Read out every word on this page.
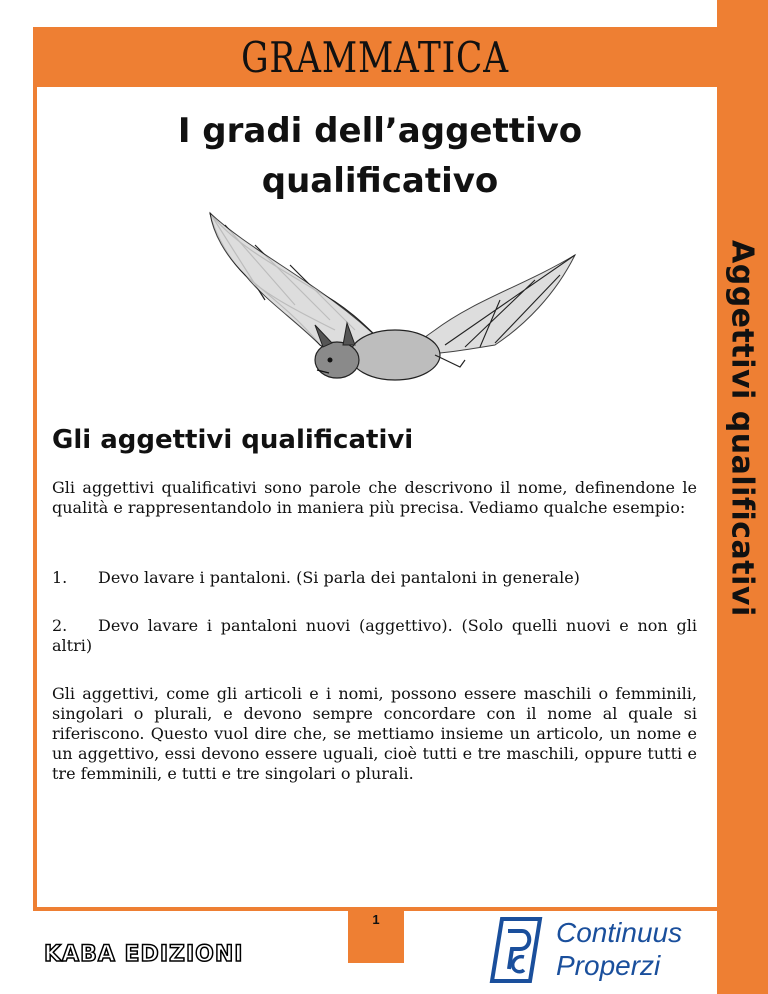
GRAMMATICA
1
I gradi dell’aggettivo qualificativo
Gli aggettivi qualificativi

Gli aggettivi qualificativi sono parole che descrivono il nome, definendone le qualità e rappresentandolo in maniera più precisa. Vediamo qualche esempio:

1. Devo lavare i pantaloni. (Si parla dei pantaloni in generale)

2. Devo lavare i pantaloni nuovi (aggettivo). (Solo quelli nuovi e non gli altri)

Gli aggettivi, come gli articoli e i nomi, possono essere maschili o femminili, singolari o plurali, e devono sempre concordare con il nome al quale si riferiscono. Questo vuol dire che, se mettiamo insieme un articolo, un nome e un aggettivo, essi devono essere uguali, cioè tutti e tre maschili, oppure tutti e tre femminili, e tutti e tre singolari o plurali.

KABA EDIZIONI
Continuus
Properzi
